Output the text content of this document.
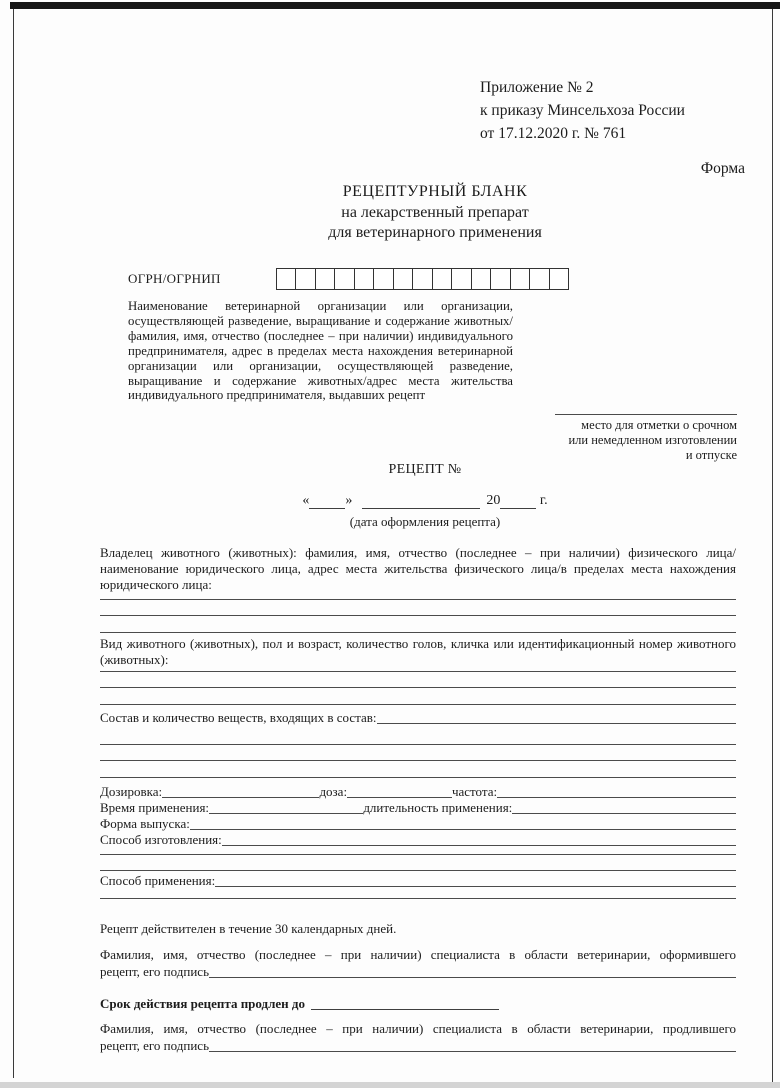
Приложение № 2
к приказу Минсельхоза России
от 17.12.2020 г. № 761
Форма
РЕЦЕПТУРНЫЙ БЛАНК
на лекарственный препарат
для ветеринарного применения
ОГРН/ОГРНИП
Наименование ветеринарной организации или организации, осуществляющей разведение, выращивание и содержание животных/фамилия, имя, отчество (последнее – при наличии) индивидуального предпринимателя, адрес в пределах места нахождения ветеринарной организации или организации, осуществляющей разведение, выращивание и содержание животных/адрес места жительства индивидуального предпринимателя, выдавших рецепт
место для отметки о срочном
или немедленном изготовлении
и отпуске
РЕЦЕПТ №
«	»	20
	г.
(дата оформления рецепта)
Владелец животного (животных): фамилия, имя, отчество (последнее – при наличии) физического лица/наименование юридического лица, адрес места жительства физического лица/в пределах места нахождения юридического лица:
Вид животного (животных), пол и возраст, количество голов, кличка или идентификационный номер животного (животных):
Состав и количество веществ, входящих в состав:
Дозировка:	доза:	частота:
Время применения:	длительность применения:
Форма выпуска:
Способ изготовления:
Способ применения:
Рецепт действителен в течение 30 календарных дней.
Фамилия, имя, отчество (последнее – при наличии) специалиста в области ветеринарии, оформившего
рецепт, его подпись
Срок действия рецепта продлен до
Фамилия, имя, отчество (последнее – при наличии) специалиста в области ветеринарии, продлившего
рецепт, его подпись
